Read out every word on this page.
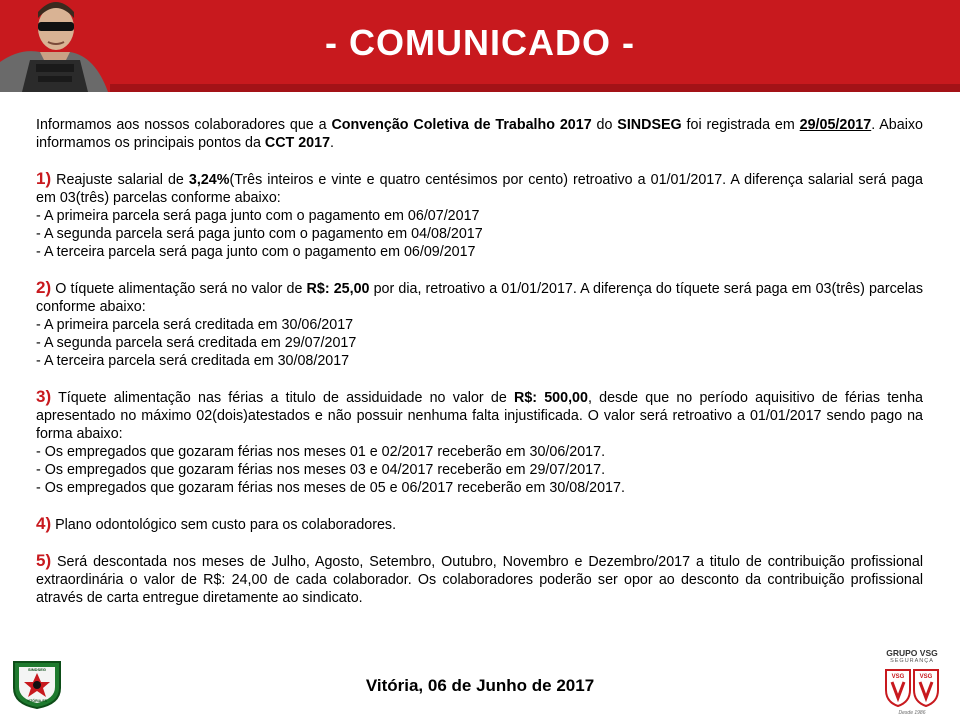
- COMUNICADO -

Informamos aos nossos colaboradores que a Convenção Coletiva de Trabalho 2017 do SINDSEG foi registrada em 29/05/2017. Abaixo informamos os principais pontos da CCT 2017.

1) Reajuste salarial de 3,24%(Três inteiros e vinte e quatro centésimos por cento) retroativo a 01/01/2017. A diferença salarial será paga em 03(três) parcelas conforme abaixo:

- A primeira parcela será paga junto com o pagamento em 06/07/2017

- A segunda parcela será paga junto com o pagamento em 04/08/2017

- A terceira parcela será paga junto com o pagamento em 06/09/2017

2) O tíquete alimentação será no valor de R$: 25,00 por dia, retroativo a 01/01/2017. A diferença do tíquete será paga em 03(três) parcelas conforme abaixo:

- A primeira parcela será creditada em 30/06/2017

- A segunda parcela será creditada em 29/07/2017

- A terceira parcela será creditada em 30/08/2017

3) Tíquete alimentação nas férias a titulo de assiduidade no valor de R$: 500,00, desde que no período aquisitivo de férias tenha apresentado no máximo 02(dois)atestados e não possuir nenhuma falta injustificada. O valor será retroativo a 01/01/2017 sendo pago na forma abaixo:

- Os empregados que gozaram férias nos meses 01 e 02/2017 receberão em 30/06/2017.

- Os empregados que gozaram férias nos meses 03 e 04/2017 receberão em 29/07/2017.

- Os empregados que gozaram férias nos meses de 05 e 06/2017 receberão em 30/08/2017.

4) Plano odontológico sem custo para os colaboradores.

5) Será descontada nos meses de Julho, Agosto, Setembro, Outubro, Novembro e Dezembro/2017 a titulo de contribuição profissional extraordinária o valor de R$: 24,00 de cada colaborador. Os colaboradores poderão ser opor ao desconto da contribuição profissional através de carta entregue diretamente ao sindicato.

SINDSEG
VITÓRIA-ES
Vitória, 06 de Junho de 2017
GRUPO VSG
SEGURANÇA
VSG	VSG
Desde 1986
